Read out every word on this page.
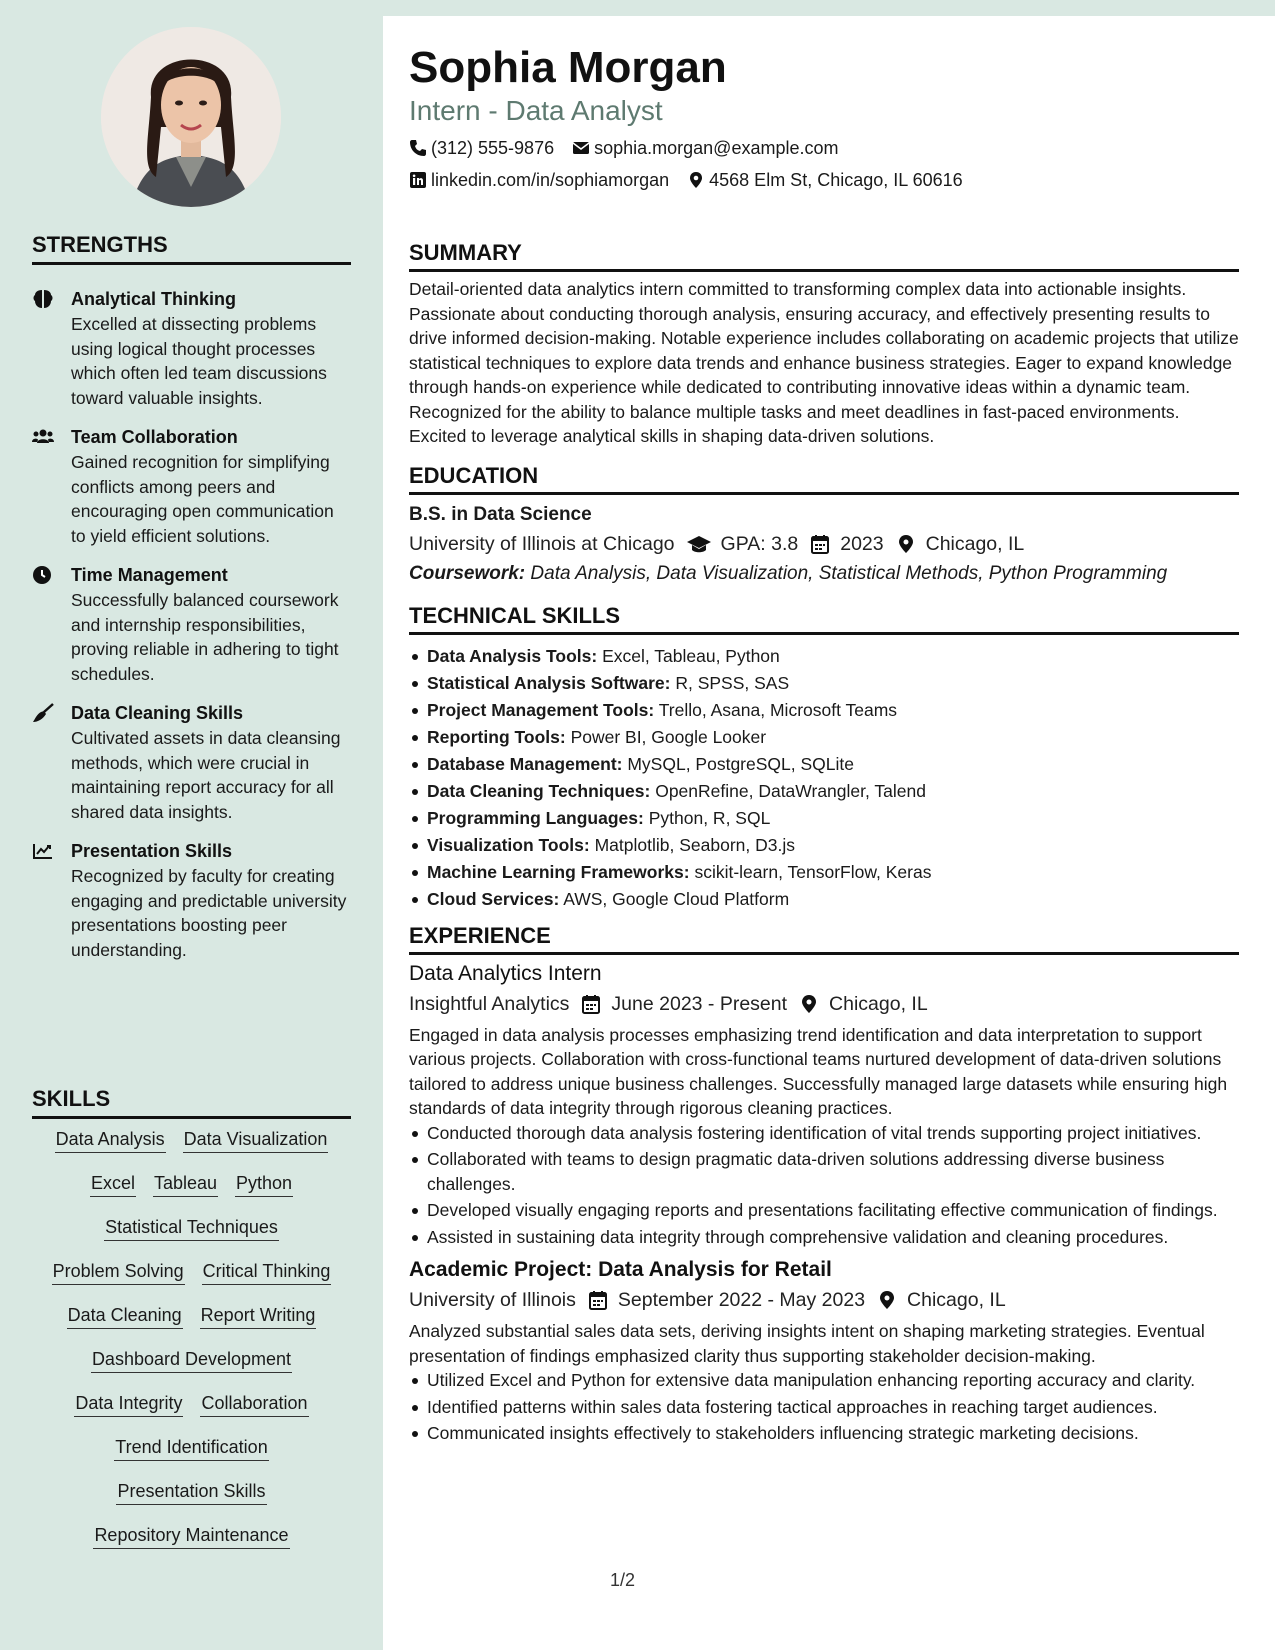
STRENGTHS
Analytical Thinking
Excelled at dissecting problems using logical thought processes which often led team discussions toward valuable insights.
Team Collaboration
Gained recognition for simplifying conflicts among peers and encouraging open communication to yield efficient solutions.
Time Management
Successfully balanced coursework and internship responsibilities, proving reliable in adhering to tight schedules.
Data Cleaning Skills
Cultivated assets in data cleansing methods, which were crucial in maintaining report accuracy for all shared data insights.
Presentation Skills
Recognized by faculty for creating engaging and predictable university presentations boosting peer understanding.
SKILLS
Data Analysis Data Visualization
Excel Tableau Python
Statistical Techniques
Problem Solving Critical Thinking
Data Cleaning Report Writing
Dashboard Development
Data Integrity Collaboration
Trend Identification
Presentation Skills
Repository Maintenance
Sophia Morgan
Intern - Data Analyst
(312) 555-9876 sophia.morgan@example.com
linkedin.com/in/sophiamorgan 4568 Elm St, Chicago, IL 60616
SUMMARY
Detail-oriented data analytics intern committed to transforming complex data into actionable insights. Passionate about conducting thorough analysis, ensuring accuracy, and effectively presenting results to drive informed decision-making. Notable experience includes collaborating on academic projects that utilize statistical techniques to explore data trends and enhance business strategies. Eager to expand knowledge through hands-on experience while dedicated to contributing innovative ideas within a dynamic team. Recognized for the ability to balance multiple tasks and meet deadlines in fast-paced environments. Excited to leverage analytical skills in shaping data-driven solutions.
EDUCATION
B.S. in Data Science
University of Illinois at Chicago GPA: 3.8 2023 Chicago, IL
Coursework: Data Analysis, Data Visualization, Statistical Methods, Python Programming
TECHNICAL SKILLS
Data Analysis Tools: Excel, Tableau, Python
Statistical Analysis Software: R, SPSS, SAS
Project Management Tools: Trello, Asana, Microsoft Teams
Reporting Tools: Power BI, Google Looker
Database Management: MySQL, PostgreSQL, SQLite
Data Cleaning Techniques: OpenRefine, DataWrangler, Talend
Programming Languages: Python, R, SQL
Visualization Tools: Matplotlib, Seaborn, D3.js
Machine Learning Frameworks: scikit-learn, TensorFlow, Keras
Cloud Services: AWS, Google Cloud Platform
EXPERIENCE
Data Analytics Intern
Insightful Analytics June 2023 - Present Chicago, IL
Engaged in data analysis processes emphasizing trend identification and data interpretation to support various projects. Collaboration with cross-functional teams nurtured development of data-driven solutions tailored to address unique business challenges. Successfully managed large datasets while ensuring high standards of data integrity through rigorous cleaning practices.
Conducted thorough data analysis fostering identification of vital trends supporting project initiatives.
Collaborated with teams to design pragmatic data-driven solutions addressing diverse business challenges.
Developed visually engaging reports and presentations facilitating effective communication of findings.
Assisted in sustaining data integrity through comprehensive validation and cleaning procedures.
Academic Project: Data Analysis for Retail
University of Illinois September 2022 - May 2023 Chicago, IL
Analyzed substantial sales data sets, deriving insights intent on shaping marketing strategies. Eventual presentation of findings emphasized clarity thus supporting stakeholder decision-making.
Utilized Excel and Python for extensive data manipulation enhancing reporting accuracy and clarity.
Identified patterns within sales data fostering tactical approaches in reaching target audiences.
Communicated insights effectively to stakeholders influencing strategic marketing decisions.
1/2
